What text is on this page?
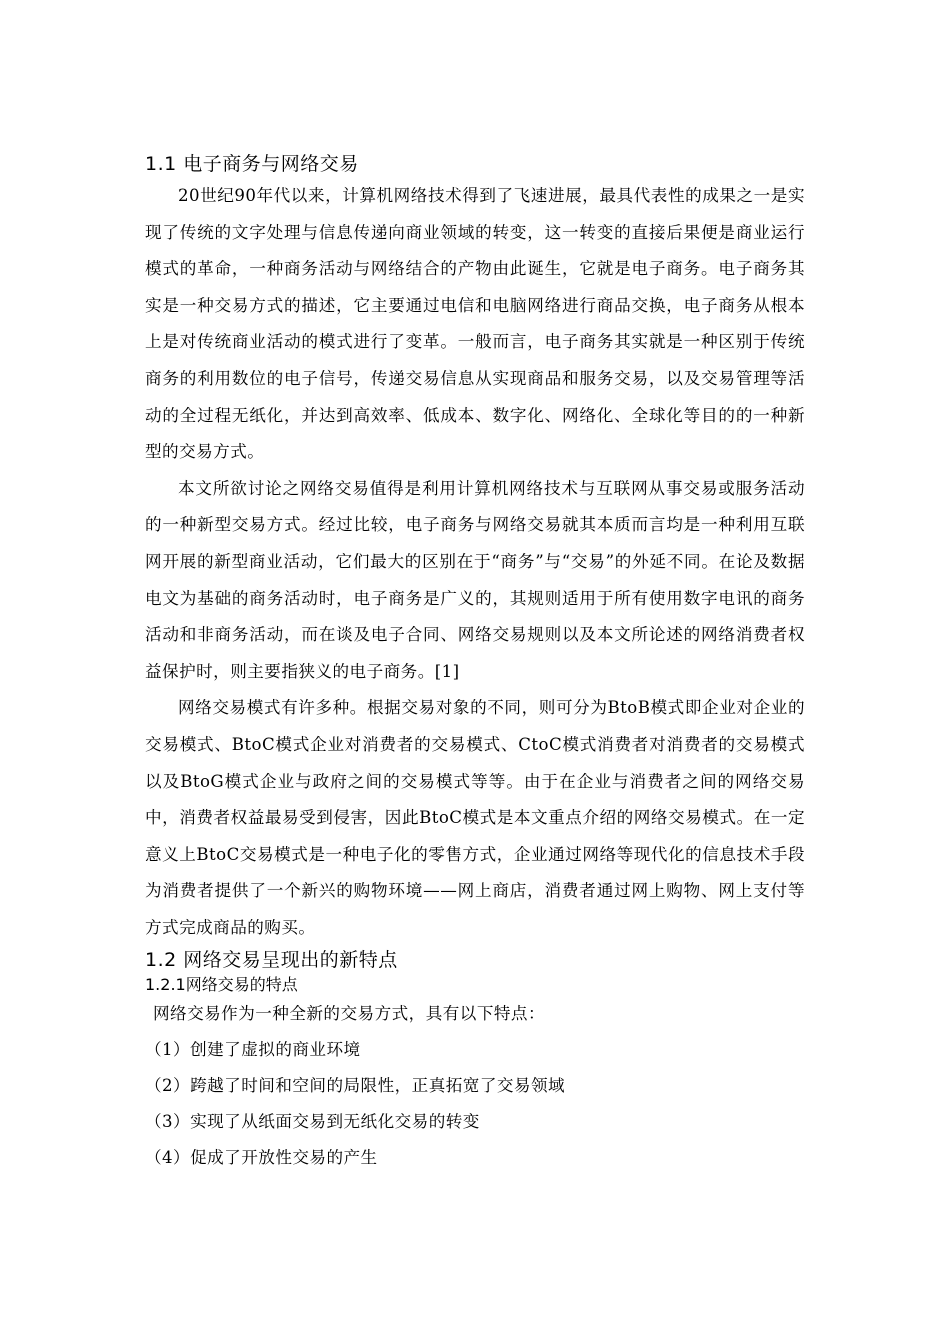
1.1 电子商务与网络交易

20世纪90年代以来，计算机网络技术得到了飞速进展，最具代表性的成果之一是实现了传统的文字处理与信息传递向商业领域的转变，这一转变的直接后果便是商业运行模式的革命，一种商务活动与网络结合的产物由此诞生，它就是电子商务。电子商务其实是一种交易方式的描述，它主要通过电信和电脑网络进行商品交换，电子商务从根本上是对传统商业活动的模式进行了变革。一般而言，电子商务其实就是一种区别于传统商务的利用数位的电子信号，传递交易信息从实现商品和服务交易，以及交易管理等活动的全过程无纸化，并达到高效率、低成本、数字化、网络化、全球化等目的的一种新型的交易方式。

本文所欲讨论之网络交易值得是利用计算机网络技术与互联网从事交易或服务活动的一种新型交易方式。经过比较，电子商务与网络交易就其本质而言均是一种利用互联网开展的新型商业活动，它们最大的区别在于“商务”与“交易”的外延不同。在论及数据电文为基础的商务活动时，电子商务是广义的，其规则适用于所有使用数字电讯的商务活动和非商务活动，而在谈及电子合同、网络交易规则以及本文所论述的网络消费者权益保护时，则主要指狭义的电子商务。[1]

网络交易模式有许多种。根据交易对象的不同，则可分为BtoB模式即企业对企业的交易模式、BtoC模式企业对消费者的交易模式、CtoC模式消费者对消费者的交易模式以及BtoG模式企业与政府之间的交易模式等等。由于在企业与消费者之间的网络交易中，消费者权益最易受到侵害，因此BtoC模式是本文重点介绍的网络交易模式。在一定意义上BtoC交易模式是一种电子化的零售方式，企业通过网络等现代化的信息技术手段为消费者提供了一个新兴的购物环境——网上商店，消费者通过网上购物、网上支付等方式完成商品的购买。

1.2 网络交易呈现出的新特点
1.2.1网络交易的特点

网络交易作为一种全新的交易方式，具有以下特点：

（1）创建了虚拟的商业环境
（2）跨越了时间和空间的局限性，正真拓宽了交易领域
（3）实现了从纸面交易到无纸化交易的转变
（4）促成了开放性交易的产生
